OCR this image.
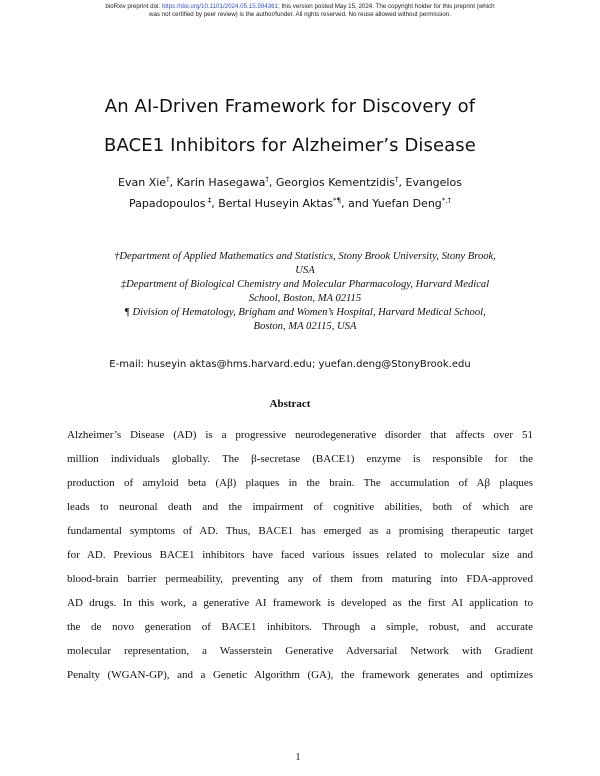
bioRxiv preprint doi: https://doi.org/10.1101/2024.05.15.594361; this version posted May 15, 2024. The copyright holder for this preprint (which
was not certified by peer review) is the author/funder. All rights reserved. No reuse allowed without permission.
An AI-Driven Framework for Discovery of
BACE1 Inhibitors for Alzheimer’s Disease
Evan Xie†, Karin Hasegawa†, Georgios Kementzidis†, Evangelos
Papadopoulos ‡, Bertal Huseyin Aktas*¶, and Yuefan Deng*,†
†Department of Applied Mathematics and Statistics, Stony Brook University, Stony Brook,
USA
‡Department of Biological Chemistry and Molecular Pharmacology, Harvard Medical
School, Boston, MA 02115
¶ Division of Hematology, Brigham and Women’s Hospital, Harvard Medical School,
Boston, MA 02115, USA
E-mail: huseyin aktas@hms.harvard.edu; yuefan.deng@StonyBrook.edu
Abstract
Alzheimer’s Disease (AD) is a progressive neurodegenerative disorder that affects over 51
million individuals globally. The β-secretase (BACE1) enzyme is responsible for the
production of amyloid beta (Aβ) plaques in the brain. The accumulation of Aβ plaques
leads to neuronal death and the impairment of cognitive abilities, both of which are
fundamental symptoms of AD. Thus, BACE1 has emerged as a promising therapeutic target
for AD. Previous BACE1 inhibitors have faced various issues related to molecular size and
blood-brain barrier permeability, preventing any of them from maturing into FDA-approved
AD drugs. In this work, a generative AI framework is developed as the first AI application to
the de novo generation of BACE1 inhibitors. Through a simple, robust, and accurate
molecular representation, a Wasserstein Generative Adversarial Network with Gradient
Penalty (WGAN-GP), and a Genetic Algorithm (GA), the framework generates and optimizes
1
